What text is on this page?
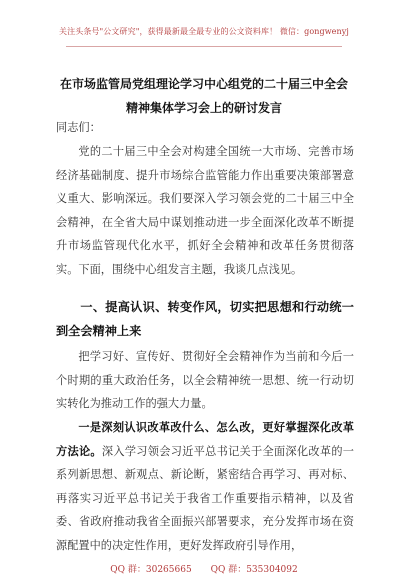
关注头条号"公文研究"，获得最新最全最专业的公文资料库！ 微信：gongwenyj
在市场监管局党组理论学习中心组党的二十届三中全会精神集体学习会上的研讨发言
同志们：
党的二十届三中全会对构建全国统一大市场、完善市场经济基础制度、提升市场综合监管能力作出重要决策部署意义重大、影响深远。我们要深入学习领会党的二十届三中全会精神，在全省大局中谋划推动进一步全面深化改革不断提升市场监管现代化水平，抓好全会精神和改革任务贯彻落实。下面，围绕中心组发言主题，我谈几点浅见。
一、提高认识、转变作风，切实把思想和行动统一到全会精神上来
把学习好、宣传好、贯彻好全会精神作为当前和今后一个时期的重大政治任务，以全会精神统一思想、统一行动切实转化为推动工作的强大力量。
一是深刻认识改革改什么、怎么改，更好掌握深化改革方法论。深入学习领会习近平总书记关于全面深化改革的一系列新思想、新观点、新论断，紧密结合再学习、再对标、再落实习近平总书记关于我省工作重要指示精神，以及省委、省政府推动我省全面振兴部署要求，充分发挥市场在资源配置中的决定性作用，更好发挥政府引导作用，
QQ 群：30265665 QQ 群：535304092
